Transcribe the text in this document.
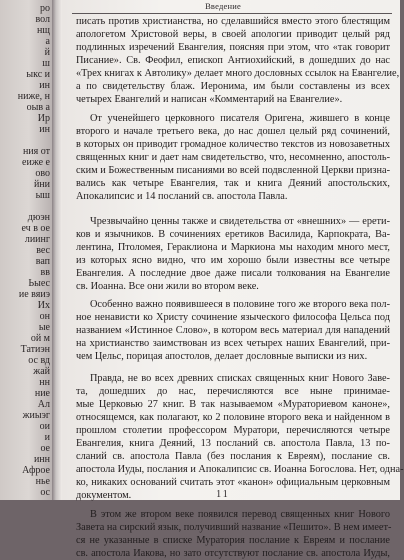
ро
вол
нщ
а
й
ш
ыкс и
ин
ниже, н
оыв а
Ир
ин
ния от
еиже е
ово
йни
ыш
дюэн
еч в ое
лиинг
вес
вап
вв
Ьыес
ие вяиэ
Их
он
ые
ой м
Татиэн
ос вд
жай
нн
ние
Ал
жиыэг
ои
и
ое
инн
Афрое
нье
ос
Введение
писать против христианства, но сделавшийся вместо этого блестящим
апологетом Христовой веры, в своей апологии приводит целый ряд
подлинных изречений Евангелия, поясняя при этом, что «так говорит
Писание». Св. Феофил, епископ Антиохийский, в дошедших до нас
«Трех книгах к Автолику» делает много дословных ссылок на Евангелие,
а по свидетельству блаж. Иеронима, им были составлены из всех
четырех Евангелий и написан «Комментарий на Евангелие».
От ученейшего церковного писателя Оригена, жившего в конце
второго и начале третьего века, до нас дошел целый ряд сочинений,
в которых он приводит громадное количество текстов из новозаветных
священных книг и дает нам свидетельство, что, несомненно, апостоль-
ским и Божественным писаниями во всей подвсленной Церкви призна-
вались как четыре Евангелия, так и книга Деяний апостольских,
Апокалипсис и 14 посланий св. апостола Павла.
Чрезвычайно ценны также и свидетельства от «внешних» — ерети-
ков и язычников. В сочинениях еретиков Василида, Карпократа, Ва-
лентина, Птоломея, Гераклиона и Маркиона мы находим много мест,
из которых ясно видно, что им хорошо были известны все четыре
Евангелия. А последние двое даже писали толкования на Евангелие
св. Иоанна. Все они жили во втором веке.
Особенно важно появившееся в половине того же второго века пол-
ное ненависти ко Христу сочинение языческого философа Цельса под
названием «Истинное Слово», в котором весь материал для нападений
на христианство заимствован из всех четырех наших Евангелий, при-
чем Цельс, порицая апостолов, делает дословные выписки из них.
Правда, не во всех древних списках священных книг Нового Заве-
та, дошедших до нас, перечисляются все ныне принимае-
мые Церковью 27 книг. В так называемом «Мураториевом каноне»,
относящемся, как полагают, ко 2 половине второго века и найденном в
прошлом столетии профессором Муратори, перечисляются четыре
Евангелия, книга Деяний, 13 посланий св. апостола Павла, 13 по-
сланий св. апостола Павла (без послания к Евреям), послание св.
апостола Иуды, послания и Апокалипсис св. Иоанна Богослова. Нет, одна-
ко, никаких оснований считать этот «канон» официальным церковным
документом.
В этом же втором веке появился перевод священных книг Нового
Завета на сирский язык, получивший название «Пешито». В нем имеет-
ся не указанные в списке Муратория послание к Евреям и послание
св. апостола Иакова, но зато отсутствуют послание св. апостола Иуды,
11
